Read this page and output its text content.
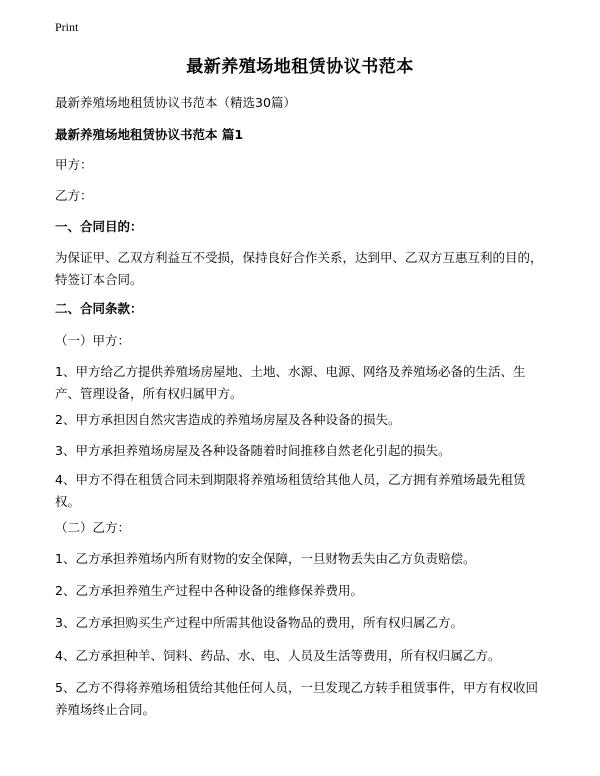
Print
最新养殖场地租赁协议书范本

最新养殖场地租赁协议书范本（精选30篇）

最新养殖场地租赁协议书范本 篇1

甲方：

乙方：

一、合同目的：

为保证甲、乙双方利益互不受损，保持良好合作关系，达到甲、乙双方互惠互利的目的，特签订本合同。

二、合同条款：

（一）甲方：

1、甲方给乙方提供养殖场房屋地、土地、水源、电源、网络及养殖场必备的生活、生产、管理设备，所有权归属甲方。

2、甲方承担因自然灾害造成的养殖场房屋及各种设备的损失。

3、甲方承担养殖场房屋及各种设备随着时间推移自然老化引起的损失。

4、甲方不得在租赁合同未到期限将养殖场租赁给其他人员，乙方拥有养殖场最先租赁权。

（二）乙方：

1、乙方承担养殖场内所有财物的安全保障，一旦财物丢失由乙方负责赔偿。

2、乙方承担养殖生产过程中各种设备的维修保养费用。

3、乙方承担购买生产过程中所需其他设备物品的费用，所有权归属乙方。

4、乙方承担种羊、饲料、药品、水、电、人员及生活等费用，所有权归属乙方。

5、乙方不得将养殖场租赁给其他任何人员，一旦发现乙方转手租赁事件，甲方有权收回养殖场终止合同。
